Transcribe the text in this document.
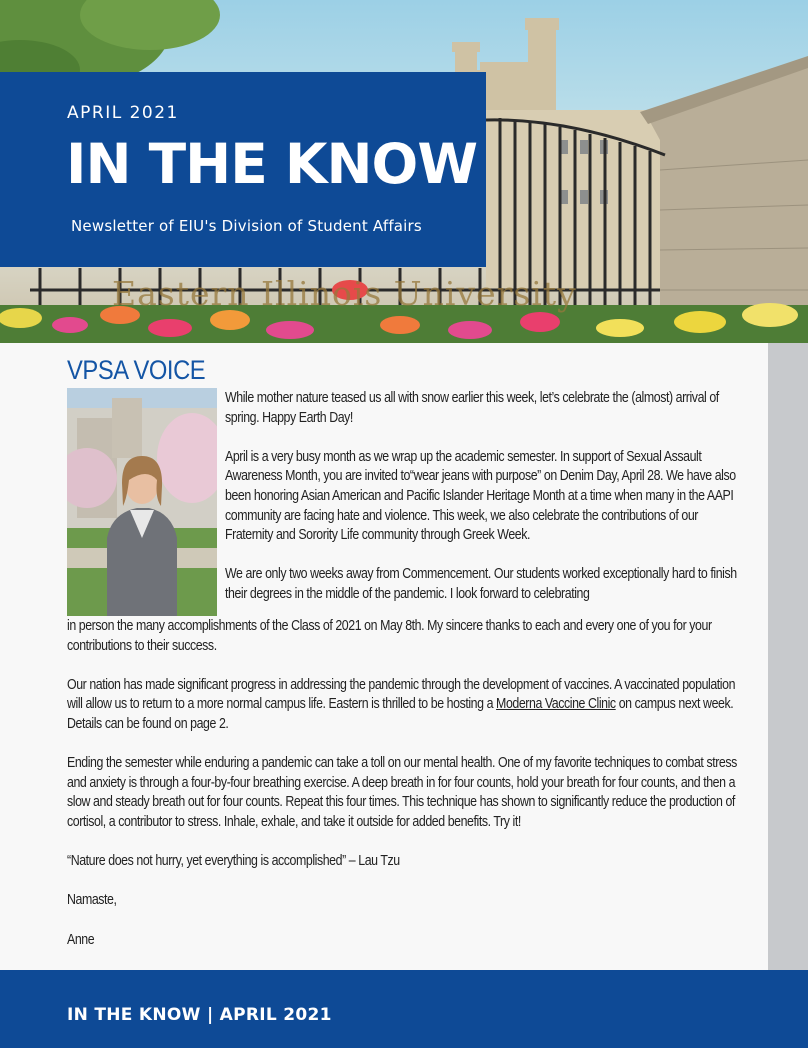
Eastern Illinois University
APRIL 2021
IN THE KNOW
Newsletter of EIU's Division of Student Affairs
VPSA VOICE

While mother nature teased us all with snow earlier this week, let’s celebrate the (almost) arrival of spring. Happy Earth Day!

April is a very busy month as we wrap up the academic semester. In support of Sexual Assault Awareness Month, you are invited to“wear jeans with purpose” on Denim Day, April 28. We have also been honoring Asian American and Pacific Islander Heritage Month at a time when many in the AAPI community are facing hate and violence. This week, we also celebrate the contributions of our Fraternity and Sorority Life community through Greek Week.

We are only two weeks away from Commencement. Our students worked exceptionally hard to finish their degrees in the middle of the pandemic. I look forward to celebrating

in person the many accomplishments of the Class of 2021 on May 8th. My sincere thanks to each and every one of you for your contributions to their success.

Our nation has made significant progress in addressing the pandemic through the development of vaccines. A vaccinated population will allow us to return to a more normal campus life. Eastern is thrilled to be hosting a Moderna Vaccine Clinic on campus next week. Details can be found on page 2.

Ending the semester while enduring a pandemic can take a toll on our mental health. One of my favorite techniques to combat stress and anxiety is through a four-by-four breathing exercise. A deep breath in for four counts, hold your breath for four counts, and then a slow and steady breath out for four counts. Repeat this four times. This technique has shown to significantly reduce the production of cortisol, a contributor to stress. Inhale, exhale, and take it outside for added benefits. Try it!

“Nature does not hurry, yet everything is accomplished” – Lau Tzu

Namaste,

Anne

IN THE KNOW | APRIL 2021
